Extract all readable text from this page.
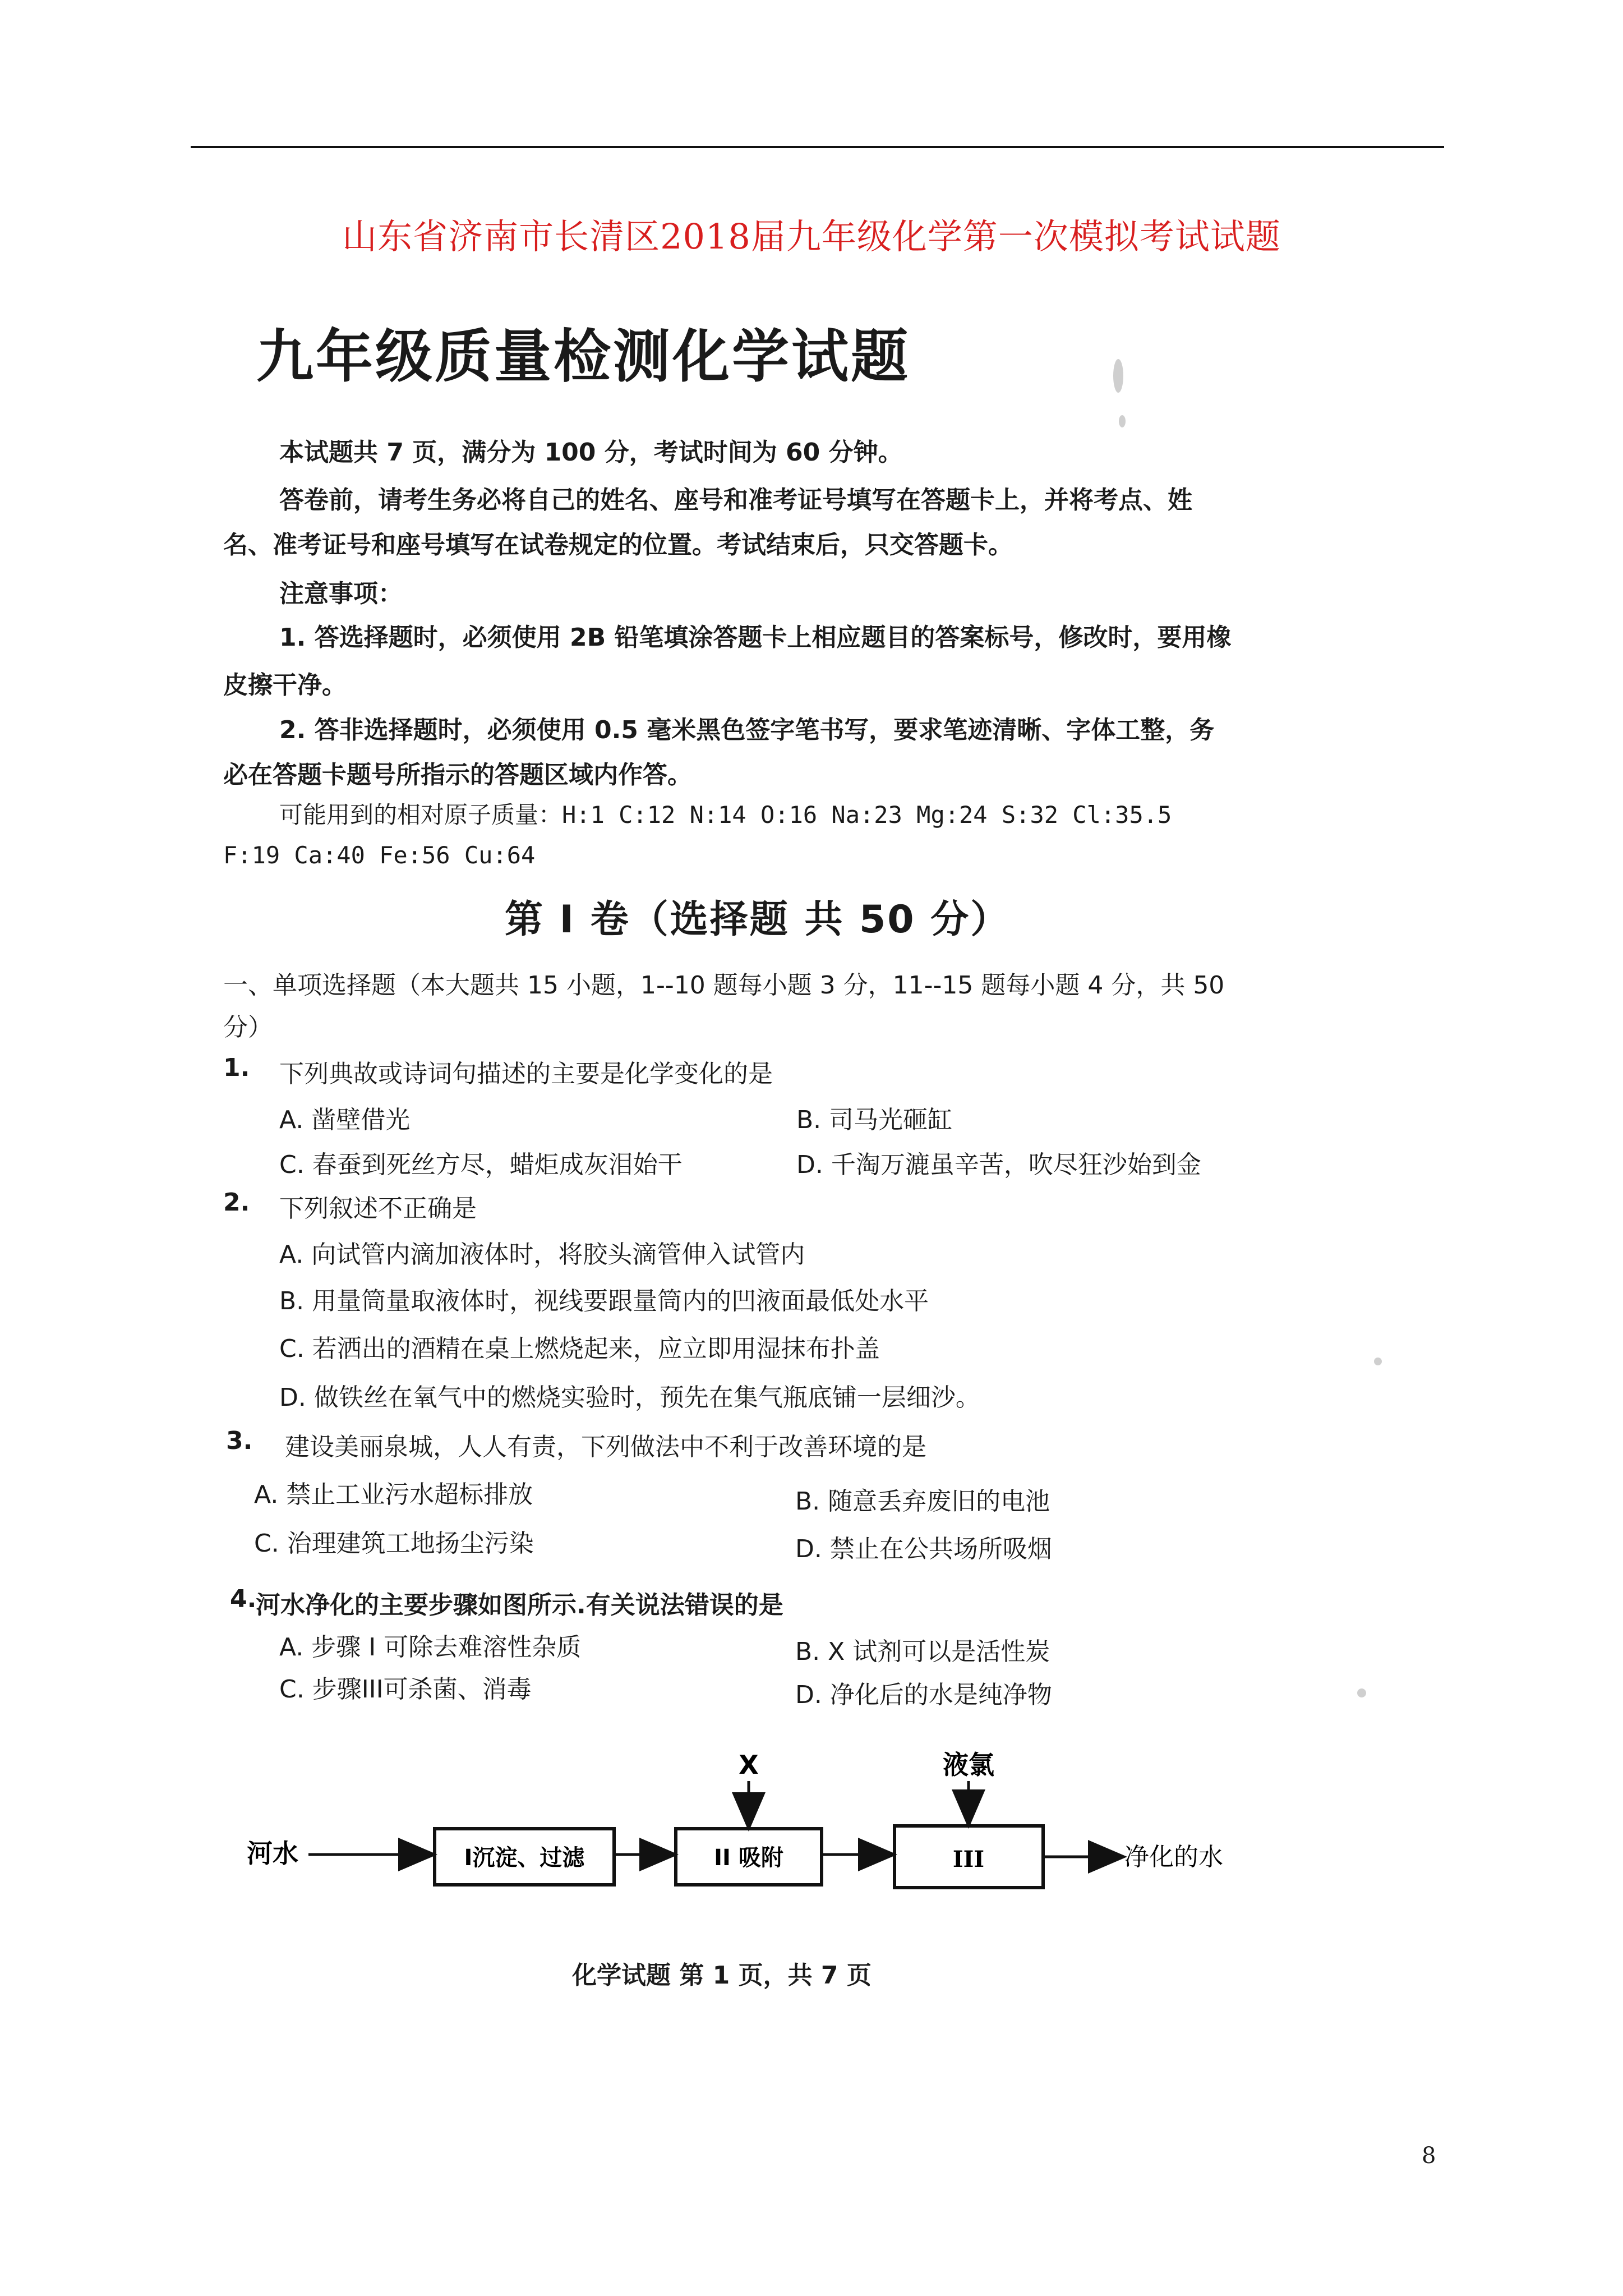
山东省济南市长清区2018届九年级化学第一次模拟考试试题
九年级质量检测化学试题
本试题共 7 页，满分为 100 分，考试时间为 60 分钟。
答卷前，请考生务必将自己的姓名、座号和准考证号填写在答题卡上，并将考点、姓
名、准考证号和座号填写在试卷规定的位置。考试结束后，只交答题卡。
注意事项：
1. 答选择题时，必须使用 2B 铅笔填涂答题卡上相应题目的答案标号，修改时，要用橡
皮擦干净。
2. 答非选择题时，必须使用 0.5 毫米黑色签字笔书写，要求笔迹清晰、字体工整，务
必在答题卡题号所指示的答题区域内作答。
可能用到的相对原子质量：H:1 C:12 N:14 O:16 Na:23 Mg:24 S:32 Cl:35.5
F:19 Ca:40 Fe:56 Cu:64
第 I 卷（选择题 共 50 分）
一、单项选择题（本大题共 15 小题，1--10 题每小题 3 分，11--15 题每小题 4 分，共 50
分）
1. 下列典故或诗词句描述的主要是化学变化的是
A. 凿壁借光	B. 司马光砸缸
C. 春蚕到死丝方尽，蜡炬成灰泪始干	D. 千淘万漉虽辛苦，吹尽狂沙始到金
2. 下列叙述不正确是
A. 向试管内滴加液体时，将胶头滴管伸入试管内
B. 用量筒量取液体时，视线要跟量筒内的凹液面最低处水平
C. 若洒出的酒精在桌上燃烧起来，应立即用湿抹布扑盖
D. 做铁丝在氧气中的燃烧实验时，预先在集气瓶底铺一层细沙。
3. 建设美丽泉城，人人有责，下列做法中不利于改善环境的是
A. 禁止工业污水超标排放	B. 随意丢弃废旧的电池
C. 治理建筑工地扬尘污染	D. 禁止在公共场所吸烟
4.
河水净化的主要步骤如图所示.有关说法错误的是
A. 步骤 I 可除去难溶性杂质	B. X 试剂可以是活性炭
C. 步骤III可杀菌、消毒	D. 净化后的水是纯净物
河水	I沉淀、过滤	II 吸附
X
III
液氯
净化的水
化学试题 第 1 页，共 7 页
8
